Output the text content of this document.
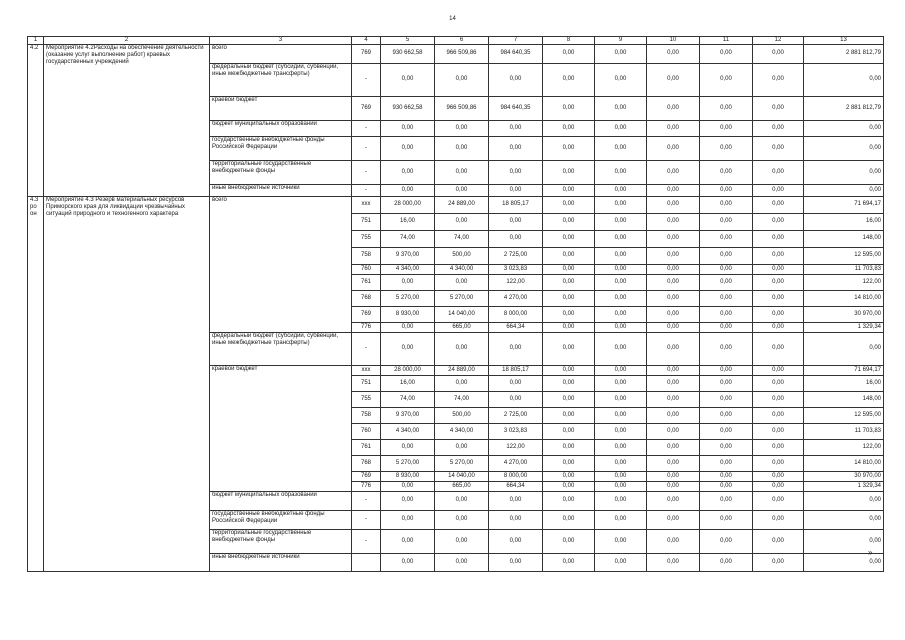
14
1	2	3	4	5	6	7	8	9	10	11	12	13
4.2	Мероприятие 4.2Расходы на обеспечение деятельности (оказание услуг выполнение работ) краевых государственных учреждений	всего	769	930 662,58	966 509,86	984 640,35	0,00	0,00	0,00	0,00	0,00	2 881 812,79
		федеральный бюджет (субсидии, субвенции, иные межбюджетные трансферты)	-	0,00	0,00	0,00	0,00	0,00	0,00	0,00	0,00	0,00
		краевой бюджет	769	930 662,58	966 509,86	984 640,35	0,00	0,00	0,00	0,00	0,00	2 881 812,79
		бюджет муниципальных образований	-	0,00	0,00	0,00	0,00	0,00	0,00	0,00	0,00	0,00
		государственные внебюджетные фонды Российской Федерации	-	0,00	0,00	0,00	0,00	0,00	0,00	0,00	0,00	0,00
		территориальные государственные внебюджетные фонды	-	0,00	0,00	0,00	0,00	0,00	0,00	0,00	0,00	0,00
		иные внебюджетные источники	-	0,00	0,00	0,00	0,00	0,00	0,00	0,00	0,00	0,00
4.3 ро он	Мероприятие 4.3 Резерв материальных ресурсов Приморского края для ликвидации чрезвычайных ситуаций природного и техногенного характера	всего	xxx	28 000,00	24 889,00	18 805,17	0,00	0,00	0,00	0,00	0,00	71 694,17
			751	16,00	0,00	0,00	0,00	0,00	0,00	0,00	0,00	16,00
			755	74,00	74,00	0,00	0,00	0,00	0,00	0,00	0,00	148,00
			758	9 370,00	500,00	2 725,00	0,00	0,00	0,00	0,00	0,00	12 595,00
			760	4 340,00	4 340,00	3 023,83	0,00	0,00	0,00	0,00	0,00	11 703,83
			761	0,00	0,00	122,00	0,00	0,00	0,00	0,00	0,00	122,00
			768	5 270,00	5 270,00	4 270,00	0,00	0,00	0,00	0,00	0,00	14 810,00
			769	8 930,00	14 040,00	8 000,00	0,00	0,00	0,00	0,00	0,00	30 970,00
			776	0,00	665,00	664,34	0,00	0,00	0,00	0,00	0,00	1 329,34
		федеральный бюджет (субсидии, субвенции, иные межбюджетные трансферты)	-	0,00	0,00	0,00	0,00	0,00	0,00	0,00	0,00	0,00
		краевой бюджет	xxx	28 000,00	24 889,00	18 805,17	0,00	0,00	0,00	0,00	0,00	71 694,17
			751	16,00	0,00	0,00	0,00	0,00	0,00	0,00	0,00	16,00
			755	74,00	74,00	0,00	0,00	0,00	0,00	0,00	0,00	148,00
			758	9 370,00	500,00	2 725,00	0,00	0,00	0,00	0,00	0,00	12 595,00
			760	4 340,00	4 340,00	3 023,83	0,00	0,00	0,00	0,00	0,00	11 703,83
			761	0,00	0,00	122,00	0,00	0,00	0,00	0,00	0,00	122,00
			768	5 270,00	5 270,00	4 270,00	0,00	0,00	0,00	0,00	0,00	14 810,00
			769	8 930,00	14 040,00	8 000,00	0,00	0,00	0,00	0,00	0,00	30 970,00
			776	0,00	665,00	664,34	0,00	0,00	0,00	0,00	0,00	1 329,34
		бюджет муниципальных образований	-	0,00	0,00	0,00	0,00	0,00	0,00	0,00	0,00	0,00
		государственные внебюджетные фонды Российской Федерации	-	0,00	0,00	0,00	0,00	0,00	0,00	0,00	0,00	0,00
		территориальные государственные внебюджетные фонды	-	0,00	0,00	0,00	0,00	0,00	0,00	0,00	0,00	0,00
		иные внебюджетные источники		0,00	0,00	0,00	0,00	0,00	0,00	0,00	0,00	0,00
»
